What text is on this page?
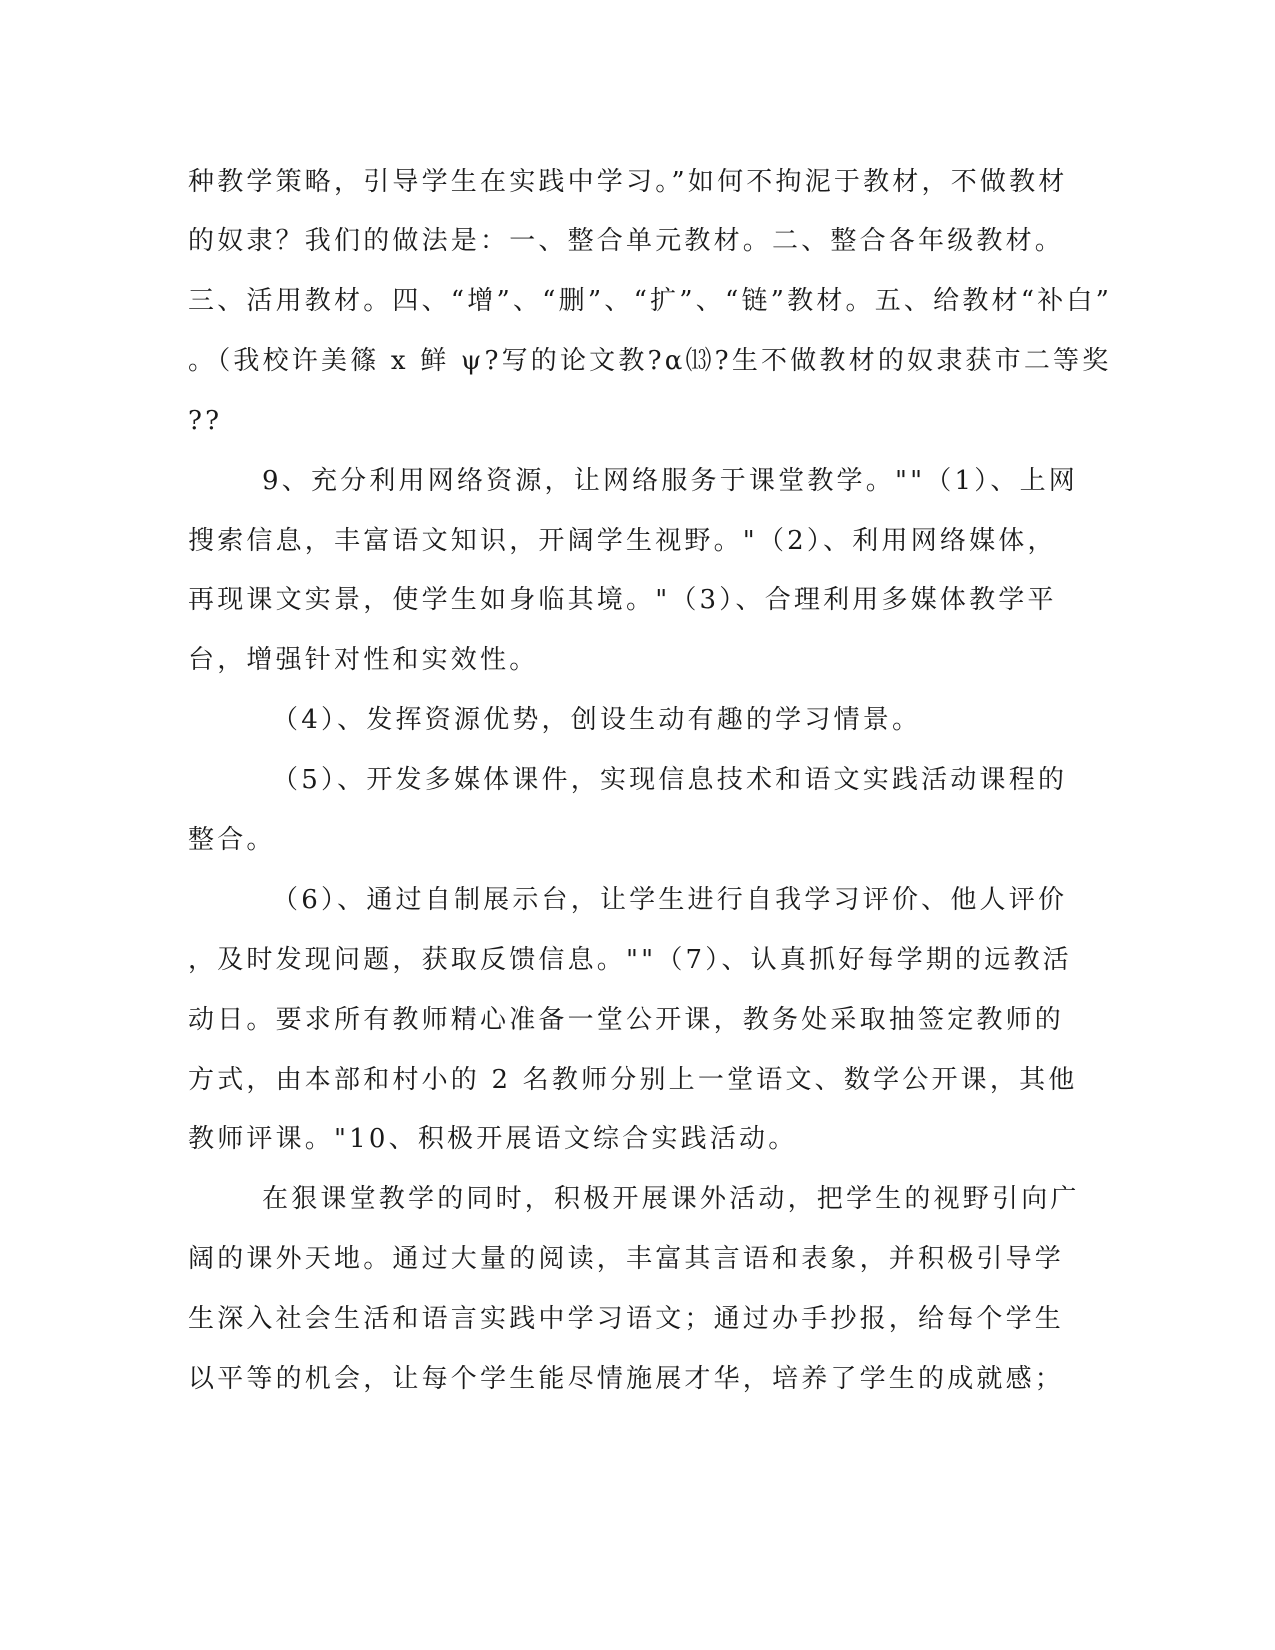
种教学策略，引导学生在实践中学习。”如何不拘泥于教材，不做教材

的奴隶？我们的做法是：一、整合单元教材。二、整合各年级教材。

三、活用教材。四、“增”、“删”、“扩”、“链”教材。五、给教材“补白”

。（我校许美篠 x 鲜 ψ?写的论文教?α⒀?生不做教材的奴隶获市二等奖

??

9、充分利用网络资源，让网络服务于课堂教学。""（1）、上网

搜索信息，丰富语文知识，开阔学生视野。"（2）、利用网络媒体，

再现课文实景，使学生如身临其境。"（3）、合理利用多媒体教学平

台，增强针对性和实效性。

（4）、发挥资源优势，创设生动有趣的学习情景。

（5）、开发多媒体课件，实现信息技术和语文实践活动课程的

整合。

（6）、通过自制展示台，让学生进行自我学习评价、他人评价

，及时发现问题，获取反馈信息。""（7）、认真抓好每学期的远教活

动日。要求所有教师精心准备一堂公开课，教务处采取抽签定教师的

方式，由本部和村小的 2 名教师分别上一堂语文、数学公开课，其他

教师评课。"10、积极开展语文综合实践活动。

在狠课堂教学的同时，积极开展课外活动，把学生的视野引向广

阔的课外天地。通过大量的阅读，丰富其言语和表象，并积极引导学

生深入社会生活和语言实践中学习语文；通过办手抄报，给每个学生

以平等的机会，让每个学生能尽情施展才华，培养了学生的成就感；
